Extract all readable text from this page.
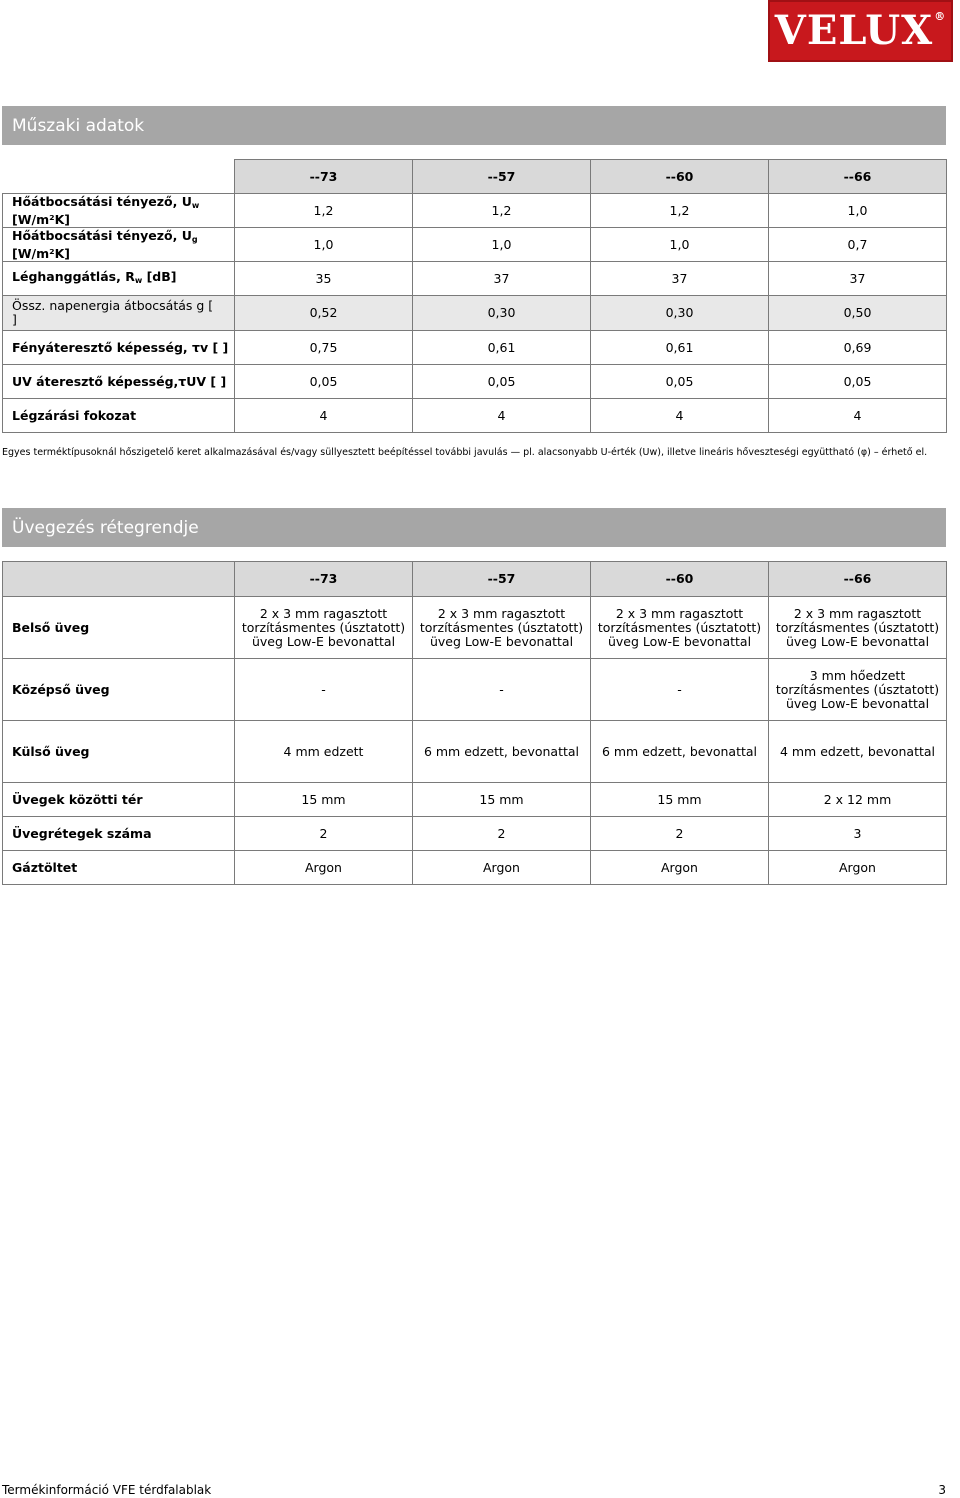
VELUX®
Műszaki adatok
	--73	--57	--60	--66
Hőátbocsátási tényező, $U_w$
[W/m²K]	1,2	1,2	1,2	1,0
Hőátbocsátási tényező, $U_g$
[W/m²K]	1,0	1,0	1,0	0,7
Léghanggátlás, $R_w$ [dB]	35	37	37	37
Össz. napenergia átbocsátás g [
]	0,52	0,30	0,30	0,50
Fényáteresztő képesség, τv [ ]	0,75	0,61	0,61	0,69
UV áteresztő képesség,τUV [ ]	0,05	0,05	0,05	0,05
Légzárási fokozat	4	4	4	4
Egyes terméktípusoknál hőszigetelő keret alkalmazásával és/vagy süllyesztett beépítéssel további javulás — pl. alacsonyabb U-érték (Uw), illetve lineáris hőveszteségi együttható (φ) – érhető el.
Üvegezés rétegrendje
	--73	--57	--60	--66
Belső üveg	2 x 3 mm ragasztott torzításmentes (úsztatott) üveg Low-E bevonattal	2 x 3 mm ragasztott torzításmentes (úsztatott) üveg Low-E bevonattal	2 x 3 mm ragasztott torzításmentes (úsztatott) üveg Low-E bevonattal	2 x 3 mm ragasztott torzításmentes (úsztatott) üveg Low-E bevonattal
Középső üveg	-	-	-	3 mm hőedzett torzításmentes (úsztatott) üveg Low-E bevonattal
Külső üveg	4 mm edzett	6 mm edzett, bevonattal	6 mm edzett, bevonattal	4 mm edzett, bevonattal
Üvegek közötti tér	15 mm	15 mm	15 mm	2 x 12 mm
Üvegrétegek száma	2	2	2	3
Gáztöltet	Argon	Argon	Argon	Argon
Termékinformáció VFE térdfalablak	3
